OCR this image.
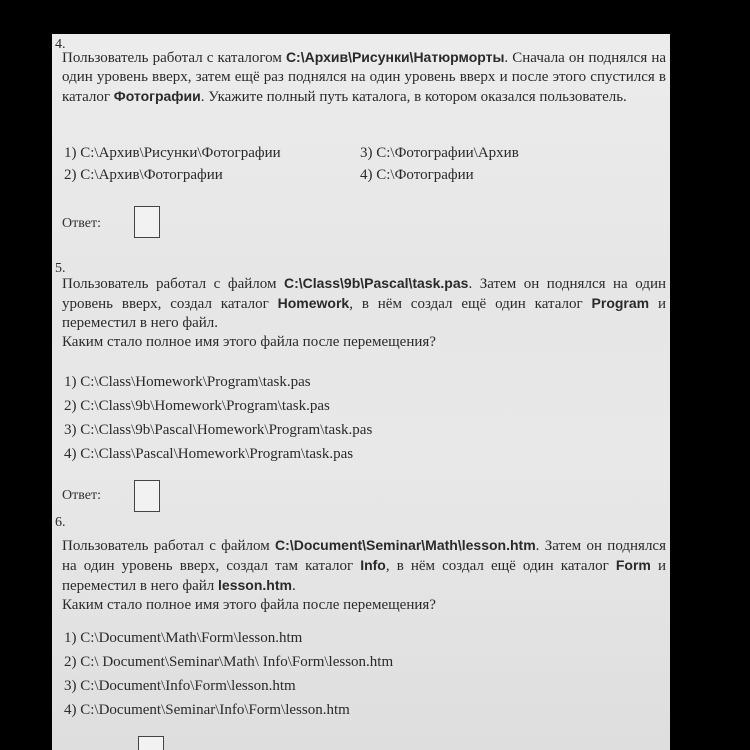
4.

Пользователь работал с каталогом C:\Архив\Рисунки\Натюрморты. Сначала он поднялся на один уровень вверх, затем ещё раз поднялся на один уровень вверх и после этого спустился в каталог Фотографии. Укажите полный путь каталога, в котором оказался пользователь.

1) С:\Архив\Рисунки\Фотографии
2) С:\Архив\Фотографии
3) С:\Фотографии\Архив
4) С:\Фотографии
Ответ:
5.

Пользователь работал с файлом C:\Class\9b\Pascal\task.pas. Затем он поднялся на один уровень вверх, создал каталог Homework, в нём создал ещё один каталог Program и переместил в него файл.

Каким стало полное имя этого файла после перемещения?

1) C:\Class\Homework\Program\task.pas
2) C:\Class\9b\Homework\Program\task.pas
3) C:\Class\9b\Pascal\Homework\Program\task.pas
4) C:\Class\Pascal\Homework\Program\task.pas
Ответ:
6.

Пользователь работал с файлом C:\Document\Seminar\Math\lesson.htm. Затем он поднялся на один уровень вверх, создал там каталог Info, в нём создал ещё один каталог Form и переместил в него файл lesson.htm.

Каким стало полное имя этого файла после перемещения?

1) C:\Document\Math\Form\lesson.htm
2) C:\ Document\Seminar\Math\ Info\Form\lesson.htm
3) C:\Document\Info\Form\lesson.htm
4) C:\Document\Seminar\Info\Form\lesson.htm
